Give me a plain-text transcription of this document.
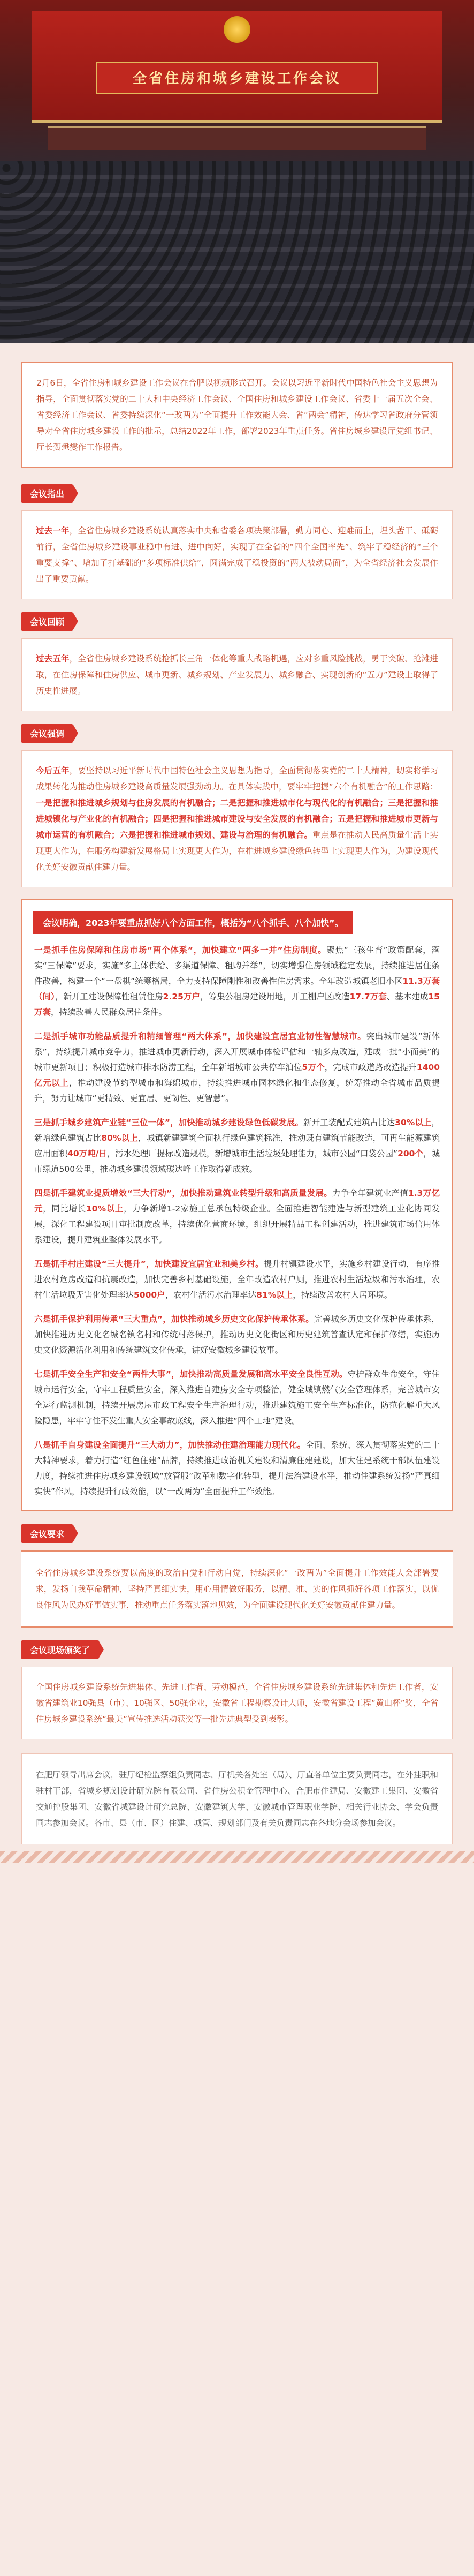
全省住房和城乡建设工作会议
2月6日，全省住房和城乡建设工作会议在合肥以视频形式召开。会议以习近平新时代中国特色社会主义思想为指导，全面贯彻落实党的二十大和中央经济工作会议、全国住房和城乡建设工作会议、省委十一届五次全会、省委经济工作会议、省委持续深化“一改两为”全面提升工作效能大会、省“两会”精神，传达学习省政府分管领导对全省住房城乡建设工作的批示，总结2022年工作，部署2023年重点任务。省住房城乡建设厅党组书记、厅长贺懋燮作工作报告。
会议指出
过去一年，全省住房城乡建设系统认真落实中央和省委各项决策部署，勤力同心、迎难而上，埋头苦干、砥砺前行，全省住房城乡建设事业稳中有进、进中向好，实现了在全省的“四个全国率先”、筑牢了稳经济的“三个重要支撑”、增加了打基础的“多项标准供给”，圆满完成了稳投资的“两大被动局面”，为全省经济社会发展作出了重要贡献。
会议回顾
过去五年，全省住房城乡建设系统抢抓长三角一体化等重大战略机遇，应对多重风险挑战，勇于突破、抢滩进取，在住房保障和住房供应、城市更新、城乡规划、产业发展力、城乡融合、实现创新的“五力”建设上取得了历史性进展。
会议强调
今后五年，要坚持以习近平新时代中国特色社会主义思想为指导，全面贯彻落实党的二十大精神，切实将学习成果转化为推动住房城乡建设高质量发展强劲动力。在具体实践中，要牢牢把握“六个有机融合”的工作思路：一是把握和推进城乡规划与住房发展的有机融合；二是把握和推进城市化与现代化的有机融合；三是把握和推进城镇化与产业化的有机融合；四是把握和推进城市建设与安全发展的有机融合；五是把握和推进城市更新与城市运营的有机融合；六是把握和推进城市规划、建设与治理的有机融合。重点是在推动人民高质量生活上实现更大作为，在服务构建新发展格局上实现更大作为，在推进城乡建设绿色转型上实现更大作为，为建设现代化美好安徽贡献住建力量。
会议明确，2023年要重点抓好八个方面工作，概括为“八个抓手、八个加快”。
一是抓手住房保障和住房市场“两个体系”，加快建立“两多一并”住房制度。聚焦“三孩生育”政策配套，落实“三保障”要求，实施“多主体供给、多渠道保障、租购并举”，切实增强住房领域稳定发展，持续推进居住条件改善，构建一个“一盘棋”统筹格局，全力支持保障刚性和改善性住房需求。全年改造城镇老旧小区11.3万套（间），新开工建设保障性租赁住房2.25万户，筹集公租房建设用地，开工棚户区改造17.7万套、基本建成15万套，持续改善人民群众居住条件。
二是抓手城市功能品质提升和精细管理“两大体系”，加快建设宜居宜业韧性智慧城市。突出城市建设“新体系”，持续提升城市竞争力，推进城市更新行动，深入开展城市体检评估和一轴多点改造，建成一批“小而美”的城市更新项目；积极打造城市排水防涝工程，全年新增城市公共停车泊位5万个，完成市政道路改造提升1400亿元以上，推动建设节约型城市和海绵城市，持续推进城市园林绿化和生态修复，统筹推动全省城市品质提升，努力让城市“更精致、更宜居、更韧性、更智慧”。
三是抓手城乡建筑产业链“三位一体”，加快推动城乡建设绿色低碳发展。新开工装配式建筑占比达30%以上，新增绿色建筑占比80%以上，城镇新建建筑全面执行绿色建筑标准，推动既有建筑节能改造，可再生能源建筑应用面积40万吨/日，污水处理厂提标改造规模，新增城市生活垃圾处理能力，城市公园“口袋公园”200个，城市绿道500公里，推动城乡建设领域碳达峰工作取得新成效。
四是抓手建筑业提质增效“三大行动”，加快推动建筑业转型升级和高质量发展。力争全年建筑业产值1.3万亿元，同比增长10%以上，力争新增1-2家施工总承包特级企业。全面推进智能建造与新型建筑工业化协同发展，深化工程建设项目审批制度改革，持续优化营商环境，组织开展精品工程创建活动，推进建筑市场信用体系建设，提升建筑业整体发展水平。
五是抓手村庄建设“三大提升”，加快建设宜居宜业和美乡村。提升村镇建设水平，实施乡村建设行动，有序推进农村危房改造和抗震改造，加快完善乡村基础设施，全年改造农村户厕，推进农村生活垃圾和污水治理，农村生活垃圾无害化处理率达5000户，农村生活污水治理率达81%以上，持续改善农村人居环境。
六是抓手保护利用传承“三大重点”，加快推动城乡历史文化保护传承体系。完善城乡历史文化保护传承体系，加快推进历史文化名城名镇名村和传统村落保护，推动历史文化街区和历史建筑普查认定和保护修缮，实施历史文化资源活化利用和传统建筑文化传承，讲好安徽城乡建设故事。
七是抓手安全生产和安全“两件大事”，加快推动高质量发展和高水平安全良性互动。守护群众生命安全，守住城市运行安全，守牢工程质量安全，深入推进自建房安全专项整治，健全城镇燃气安全管理体系，完善城市安全运行监测机制，持续开展房屋市政工程安全生产治理行动，推进建筑施工安全生产标准化，防范化解重大风险隐患，牢牢守住不发生重大安全事故底线，深入推进“四个工地”建设。
八是抓手自身建设全面提升“三大动力”，加快推动住建治理能力现代化。全面、系统、深入贯彻落实党的二十大精神要求，着力打造“红色住建”品牌，持续推进政治机关建设和清廉住建建设，加大住建系统干部队伍建设力度，持续推进住房城乡建设领域“放管服”改革和数字化转型，提升法治建设水平，推动住建系统发扬“严真细实快”作风，持续提升行政效能，以“一改两为”全面提升工作效能。
会议要求
全省住房城乡建设系统要以高度的政治自觉和行动自觉，持续深化“一改两为”全面提升工作效能大会部署要求，发扬自我革命精神，坚持严真细实快，用心用情做好服务，以精、准、实的作风抓好各项工作落实，以优良作风为民办好事做实事，推动重点任务落实落地见效，为全面建设现代化美好安徽贡献住建力量。
会议现场颁奖了
全国住房城乡建设系统先进集体、先进工作者、劳动模范，全省住房城乡建设系统先进集体和先进工作者，安徽省建筑业10强县（市）、10强区、50强企业，安徽省工程勘察设计大师，安徽省建设工程“黄山杯”奖，全省住房城乡建设系统“最美”宣传推选活动获奖等一批先进典型受到表彰。
在肥厅领导出席会议，驻厅纪检监察组负责同志、厅机关各处室（局）、厅直各单位主要负责同志，在外挂职和驻村干部，省城乡规划设计研究院有限公司、省住房公积金管理中心、合肥市住建局、安徽建工集团、安徽省交通控股集团、安徽省城建设计研究总院、安徽建筑大学、安徽城市管理职业学院、相关行业协会、学会负责同志参加会议。各市、县（市、区）住建、城管、规划部门及有关负责同志在各地分会场参加会议。
